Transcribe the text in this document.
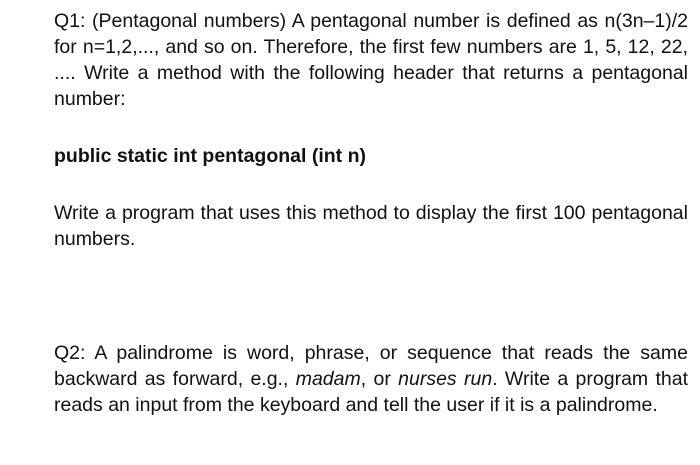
Q1: (Pentagonal numbers) A pentagonal number is defined as n(3n–1)/2 for n=1,2,..., and so on. Therefore, the first few numbers are 1, 5, 12, 22, .... Write a method with the following header that returns a pentagonal number:

public static int pentagonal (int n)

Write a program that uses this method to display the first 100 pentagonal numbers.

Q2: A palindrome is word, phrase, or sequence that reads the same backward as forward, e.g., madam, or nurses run. Write a program that reads an input from the keyboard and tell the user if it is a palindrome.
